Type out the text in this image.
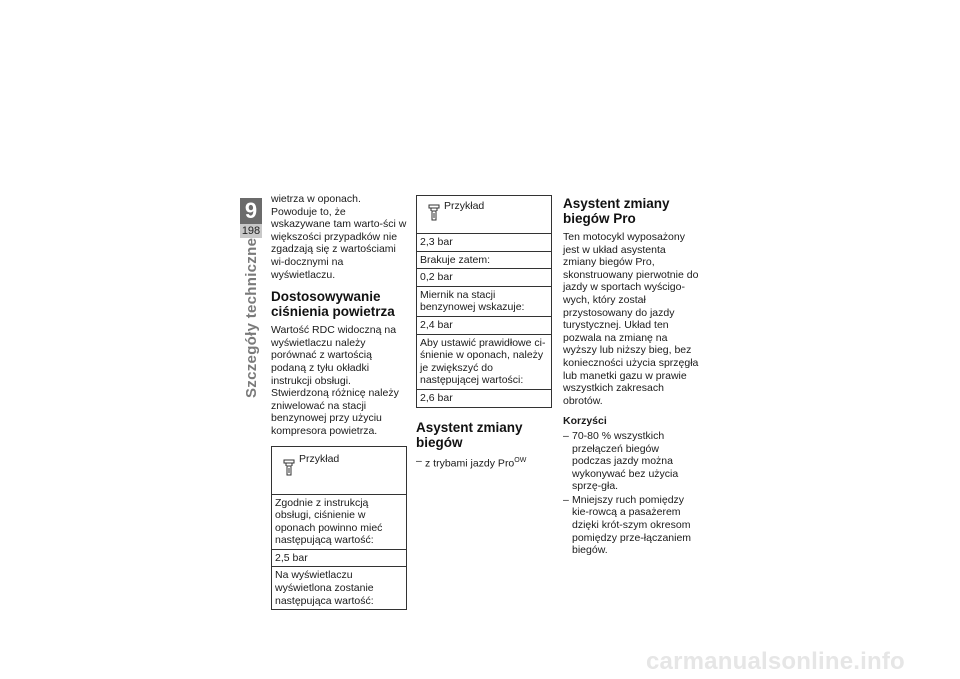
9
198
Szczegóły techniczne

wietrza w oponach. Powoduje to, że wskazywane tam warto-ści w większości przypadków nie zgadzają się z wartościami wi-docznymi na wyświetlaczu.

Dostosowywanie ciśnienia powietrza

Wartość RDC widoczną na wyświetlaczu należy porównać z wartością podaną z tyłu okładki instrukcji obsługi. Stwierdzoną różnicę należy zniwelować na stacji benzynowej przy użyciu kompresora powietrza.

Przykład
Zgodnie z instrukcją obsługi, ciśnienie w oponach powinno mieć następującą wartość:
2,5 bar
Na wyświetlaczu wyświetlona zostanie następująca wartość:
Przykład
2,3 bar
Brakuje zatem:
0,2 bar
Miernik na stacji benzynowej wskazuje:
2,4 bar
Aby ustawić prawidłowe ci-śnienie w oponach, należy je zwiększyć do następującej wartości:
2,6 bar
Asystent zmiany biegów
– z trybami jazdy Pro$^{OW}$
Asystent zmiany biegów Pro

Ten motocykl wyposażony jest w układ asystenta zmiany biegów Pro, skonstruowany pierwotnie do jazdy w sportach wyścigo-wych, który został przystosowany do jazdy turystycznej. Układ ten pozwala na zmianę na wyższy lub niższy bieg, bez konieczności użycia sprzęgła lub manetki gazu w prawie wszystkich zakresach obrotów.

Korzyści
– 70-80 % wszystkich przełączeń biegów podczas jazdy można wykonywać bez użycia sprzę-gła.
– Mniejszy ruch pomiędzy kie-rowcą a pasażerem dzięki krót-szym okresom pomiędzy prze-łączaniem biegów.
carmanualsonline.info
